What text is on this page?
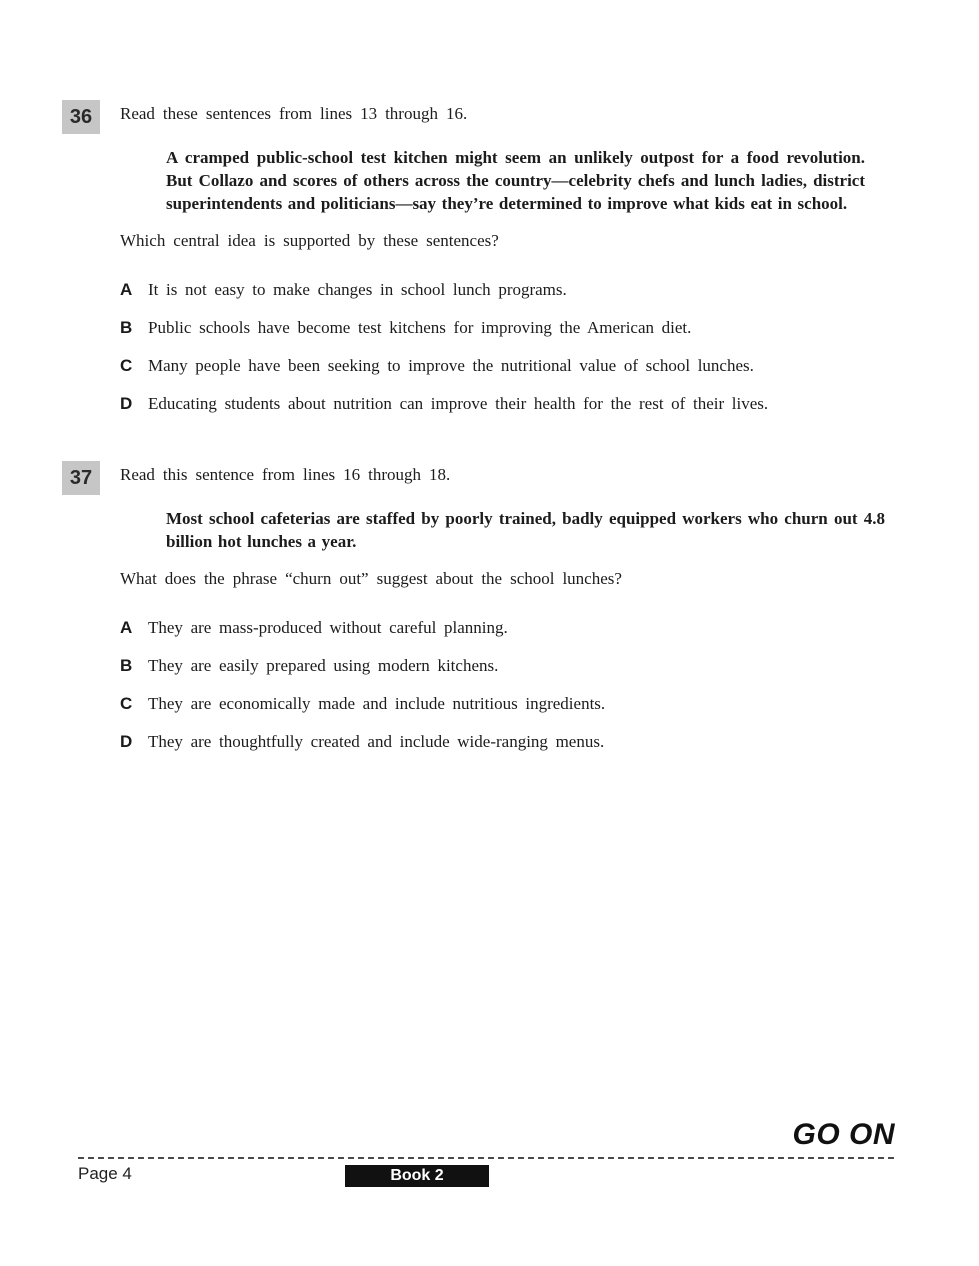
36	Read these sentences from lines 13 through 16.
A cramped public-school test kitchen might seem an unlikely outpost for a food revolution. But Collazo and scores of others across the country—celebrity chefs and lunch ladies, district superintendents and politicians—say they’re determined to improve what kids eat in school.
Which central idea is supported by these sentences?
A It is not easy to make changes in school lunch programs.
B Public schools have become test kitchens for improving the American diet.
C Many people have been seeking to improve the nutritional value of school lunches.
D Educating students about nutrition can improve their health for the rest of their lives.
37	Read this sentence from lines 16 through 18.
Most school cafeterias are staffed by poorly trained, badly equipped workers who churn out 4.8 billion hot lunches a year.
What does the phrase “churn out” suggest about the school lunches?
A They are mass-produced without careful planning.
B They are easily prepared using modern kitchens.
C They are economically made and include nutritious ingredients.
D They are thoughtfully created and include wide-ranging menus.
GO ON
Page 4	Book 2
